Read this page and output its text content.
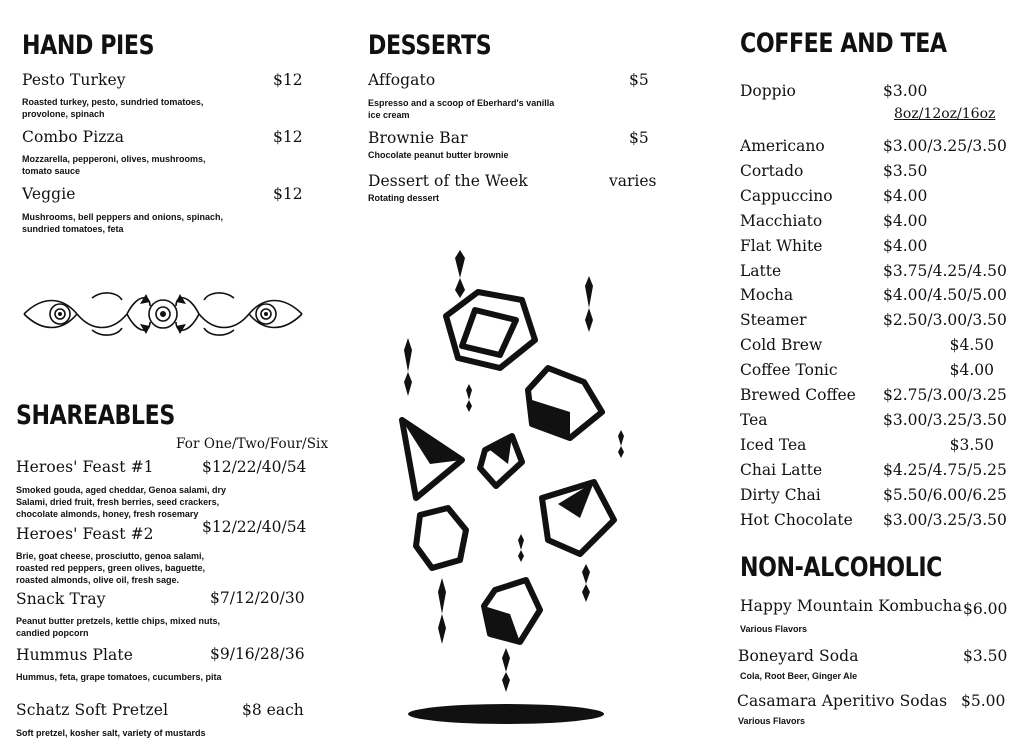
HAND PIES
Pesto Turkey	$12
Roasted turkey, pesto, sundried tomatoes, provolone, spinach
Combo Pizza	$12
Mozzarella, pepperoni, olives, mushrooms, tomato sauce
Veggie	$12
Mushrooms, bell peppers and onions, spinach, sundried tomatoes, feta
SHAREABLES
For One/Two/Four/Six
Heroes' Feast #1	$12/22/40/54
Smoked gouda, aged cheddar, Genoa salami, dry Salami, dried fruit, fresh berries, seed crackers, chocolate almonds, honey, fresh rosemary
Heroes' Feast #2	$12/22/40/54
Brie, goat cheese, prosciutto, genoa salami, roasted red peppers, green olives, baguette, roasted almonds, olive oil, fresh sage.
Snack Tray	$7/12/20/30
Peanut butter pretzels, kettle chips, mixed nuts, candied popcorn
Hummus Plate	$9/16/28/36
Hummus, feta, grape tomatoes, cucumbers, pita
Schatz Soft Pretzel	$8 each
Soft pretzel, kosher salt, variety of mustards
DESSERTS
Affogato	$5
Espresso and a scoop of Eberhard's vanilla ice cream
Brownie Bar	$5
Chocolate peanut butter brownie
Dessert of the Week	varies
Rotating dessert
COFFEE AND TEA
Doppio	$3.00
8oz/12oz/16oz
Americano	$3.00/3.25/3.50
Cortado	$3.50
Cappuccino	$4.00
Macchiato	$4.00
Flat White	$4.00
Latte	$3.75/4.25/4.50
Mocha	$4.00/4.50/5.00
Steamer	$2.50/3.00/3.50
Cold Brew	$4.50
Coffee Tonic	$4.00
Brewed Coffee $2.75/3.00/3.25
Tea	$3.00/3.25/3.50
Iced Tea	$3.50
Chai Latte	$4.25/4.75/5.25
Dirty Chai	$5.50/6.00/6.25
Hot Chocolate $3.00/3.25/3.50
NON-ALCOHOLIC
Happy Mountain Kombucha $6.00
Various Flavors
Boneyard Soda	$3.50
Cola, Root Beer, Ginger Ale
Casamara Aperitivo Sodas $5.00
Various Flavors
